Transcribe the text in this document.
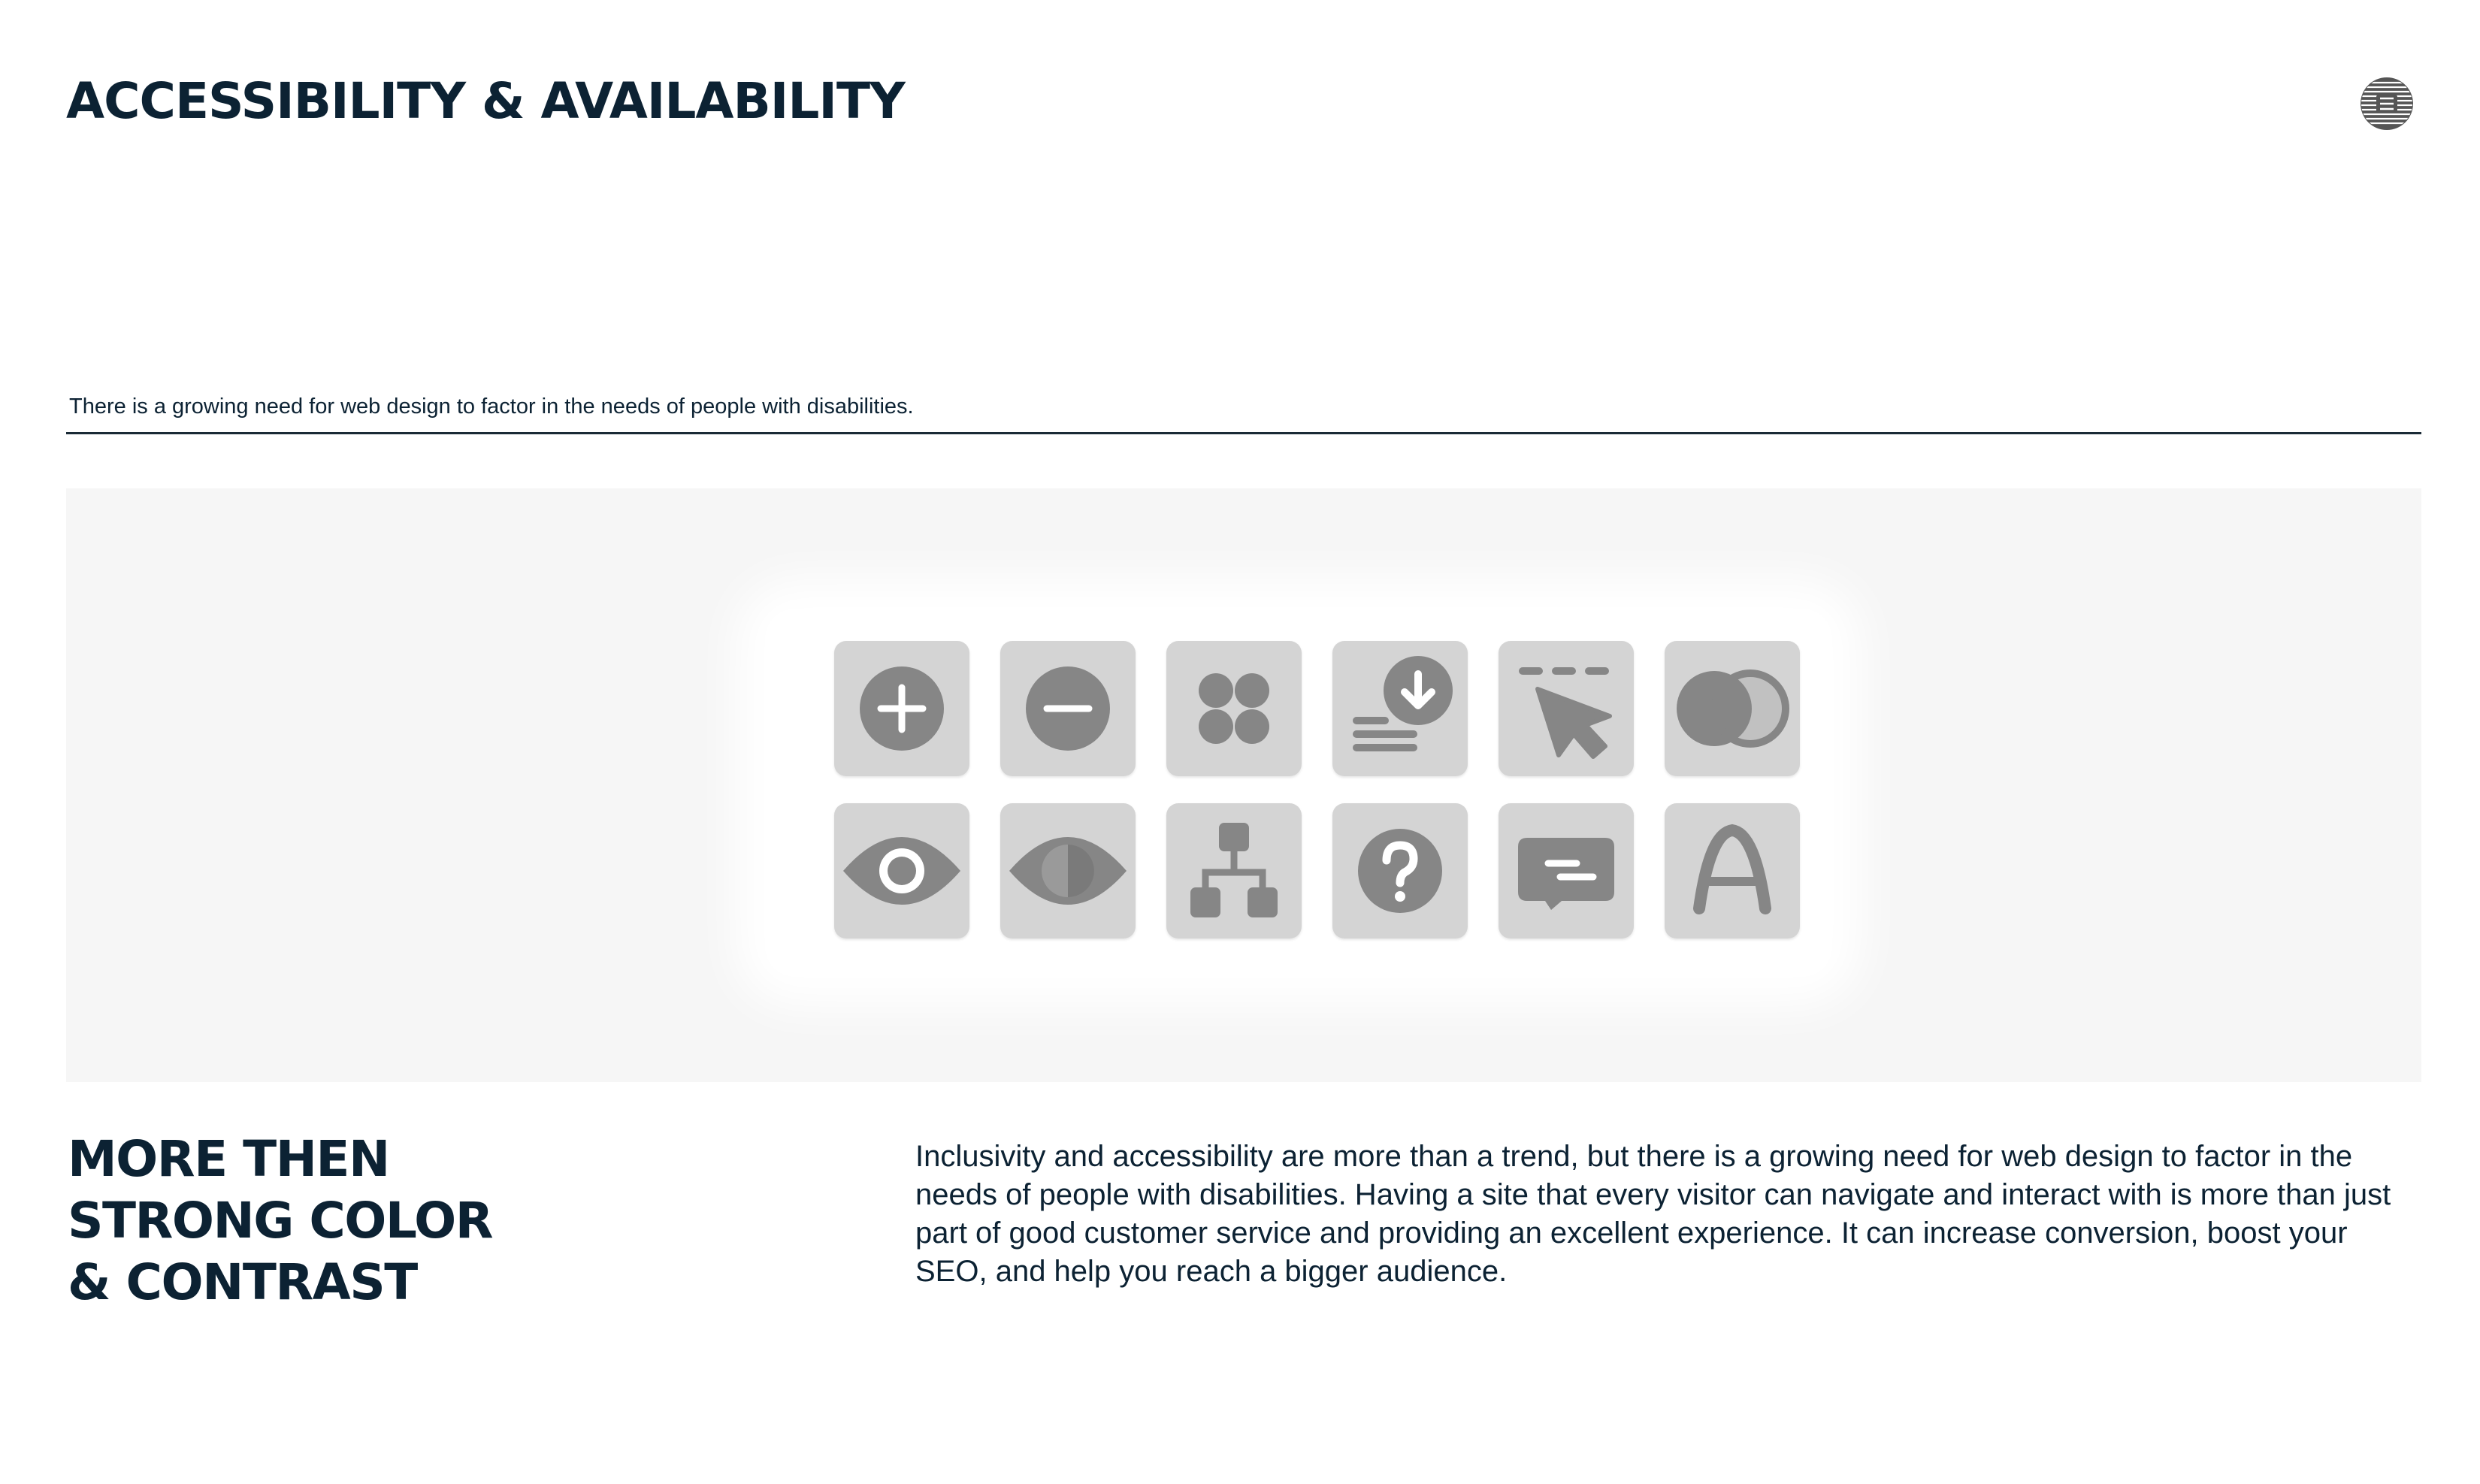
ACCESSIBILITY & AVAILABILITY
There is a growing need for web design to factor in the needs of people with disabilities.
MORE THEN
STRONG COLOR
& CONTRAST

Inclusivity and accessibility are more than a trend, but there is a growing need for web design to factor in the needs of people with disabilities. Having a site that every visitor can navigate and interact with is more than just part of good customer service and providing an excellent experience. It can increase conversion, boost your SEO, and help you reach a bigger audience.
